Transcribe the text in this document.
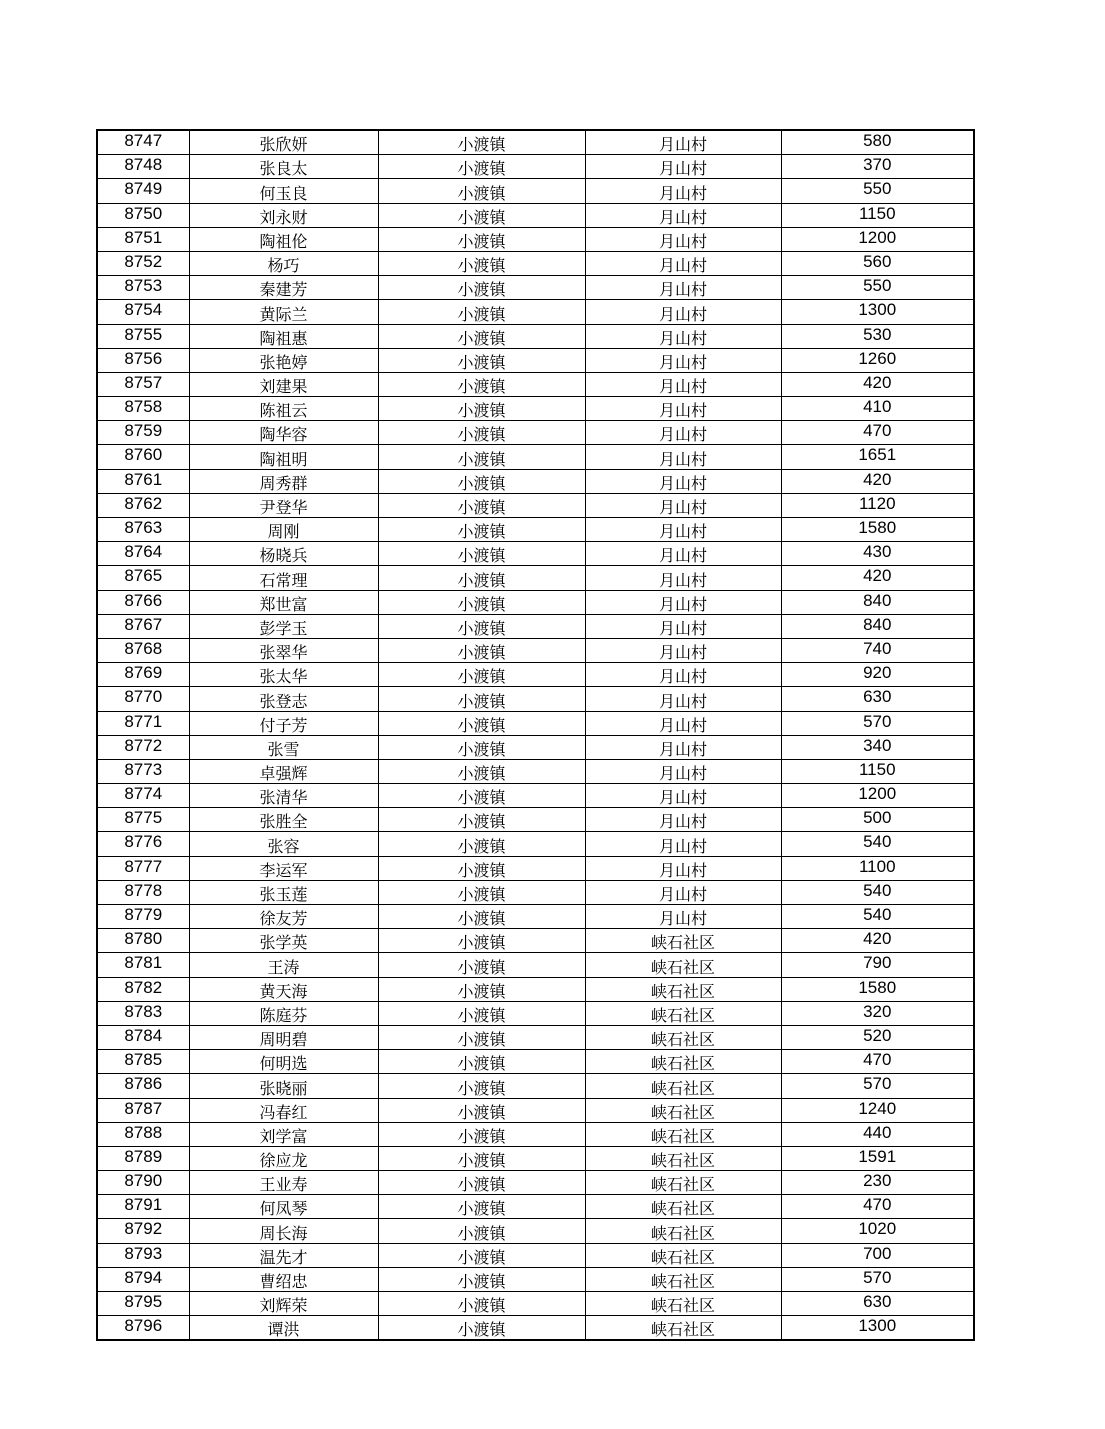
8747	张欣妍	小渡镇	月山村	580
8748	张良太	小渡镇	月山村	370
8749	何玉良	小渡镇	月山村	550
8750	刘永财	小渡镇	月山村	1150
8751	陶祖伦	小渡镇	月山村	1200
8752	杨巧	小渡镇	月山村	560
8753	秦建芳	小渡镇	月山村	550
8754	黄际兰	小渡镇	月山村	1300
8755	陶祖惠	小渡镇	月山村	530
8756	张艳婷	小渡镇	月山村	1260
8757	刘建果	小渡镇	月山村	420
8758	陈祖云	小渡镇	月山村	410
8759	陶华容	小渡镇	月山村	470
8760	陶祖明	小渡镇	月山村	1651
8761	周秀群	小渡镇	月山村	420
8762	尹登华	小渡镇	月山村	1120
8763	周刚	小渡镇	月山村	1580
8764	杨晓兵	小渡镇	月山村	430
8765	石常理	小渡镇	月山村	420
8766	郑世富	小渡镇	月山村	840
8767	彭学玉	小渡镇	月山村	840
8768	张翠华	小渡镇	月山村	740
8769	张太华	小渡镇	月山村	920
8770	张登志	小渡镇	月山村	630
8771	付子芳	小渡镇	月山村	570
8772	张雪	小渡镇	月山村	340
8773	卓强辉	小渡镇	月山村	1150
8774	张清华	小渡镇	月山村	1200
8775	张胜全	小渡镇	月山村	500
8776	张容	小渡镇	月山村	540
8777	李运军	小渡镇	月山村	1100
8778	张玉莲	小渡镇	月山村	540
8779	徐友芳	小渡镇	月山村	540
8780	张学英	小渡镇	峡石社区	420
8781	王涛	小渡镇	峡石社区	790
8782	黄天海	小渡镇	峡石社区	1580
8783	陈庭芬	小渡镇	峡石社区	320
8784	周明碧	小渡镇	峡石社区	520
8785	何明选	小渡镇	峡石社区	470
8786	张晓丽	小渡镇	峡石社区	570
8787	冯春红	小渡镇	峡石社区	1240
8788	刘学富	小渡镇	峡石社区	440
8789	徐应龙	小渡镇	峡石社区	1591
8790	王业寿	小渡镇	峡石社区	230
8791	何凤琴	小渡镇	峡石社区	470
8792	周长海	小渡镇	峡石社区	1020
8793	温先才	小渡镇	峡石社区	700
8794	曹绍忠	小渡镇	峡石社区	570
8795	刘辉荣	小渡镇	峡石社区	630
8796	谭洪	小渡镇	峡石社区	1300
